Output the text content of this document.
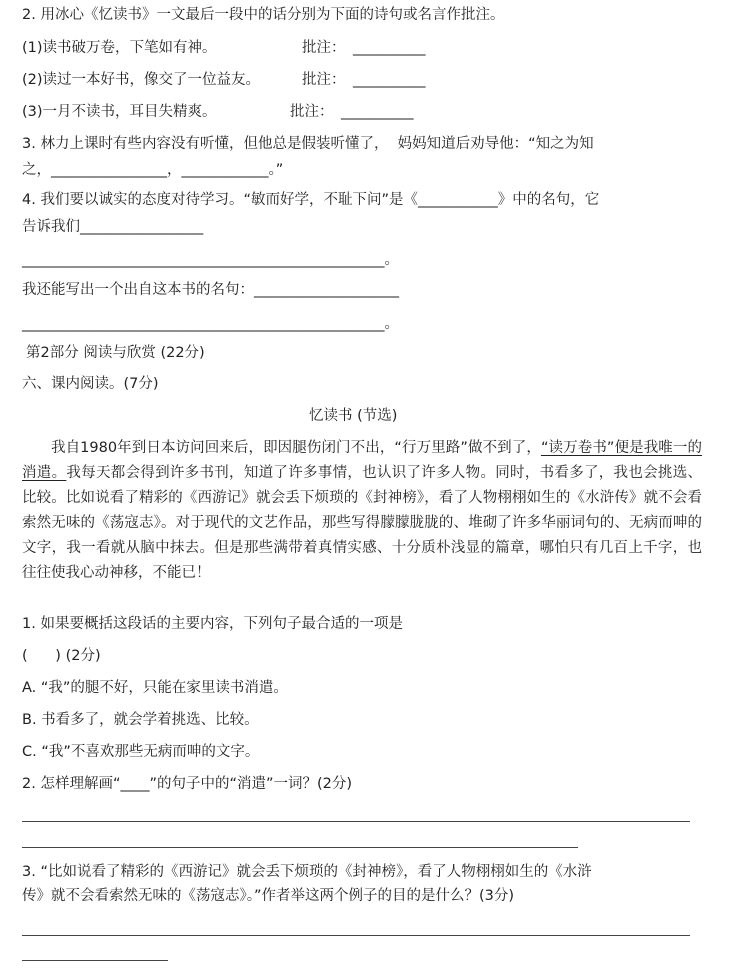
2. 用冰心《忆读书》一文最后一段中的话分别为下面的诗句或名言作批注。
(1)读书破万卷，下笔如有神。	批注： __________
(2)读过一本好书，像交了一位益友。	批注： __________
(3)一月不读书，耳目失精爽。	批注： __________
3. 林力上课时有些内容没有听懂，但他总是假装听懂了，  妈妈知道后劝导他：“知之为知
之，________________，____________。”
4. 我们要以诚实的态度对待学习。“敏而好学，不耻下问”是《___________》中的名句，它
告诉我们_________________
__________________________________________________。
我还能写出一个出自这本书的名句：____________________
__________________________________________________。
第2部分 阅读与欣赏 (22分)
六、课内阅读。(7分)
忆读书 (节选)
我自1980年到日本访问回来后，即因腿伤闭门不出，“行万里路”做不到了，“读万卷书”便是我唯一的消遣。我每天都会得到许多书刊，知道了许多事情，也认识了许多人物。同时，书看多了，我也会挑选、比较。比如说看了精彩的《西游记》就会丢下烦琐的《封神榜》，看了人物栩栩如生的《水浒传》就不会看索然无味的《荡寇志》。对于现代的文艺作品，那些写得朦朦胧胧的、堆砌了许多华丽词句的、无病而呻的文字，我一看就从脑中抹去。但是那些满带着真情实感、十分质朴浅显的篇章，哪怕只有几百上千字，也往往使我心动神移，不能已！
1. 如果要概括这段话的主要内容，下列句子最合适的一项是
(      ) (2分)
A. “我”的腿不好，只能在家里读书消遣。
B. 书看多了，就会学着挑选、比较。
C. “我”不喜欢那些无病而呻的文字。
2. 怎样理解画“____”的句子中的“消遣”一词？(2分)
3. “比如说看了精彩的《西游记》就会丢下烦琐的《封神榜》，看了人物栩栩如生的《水浒
传》就不会看索然无味的《荡寇志》。”作者举这两个例子的目的是什么？(3分)
